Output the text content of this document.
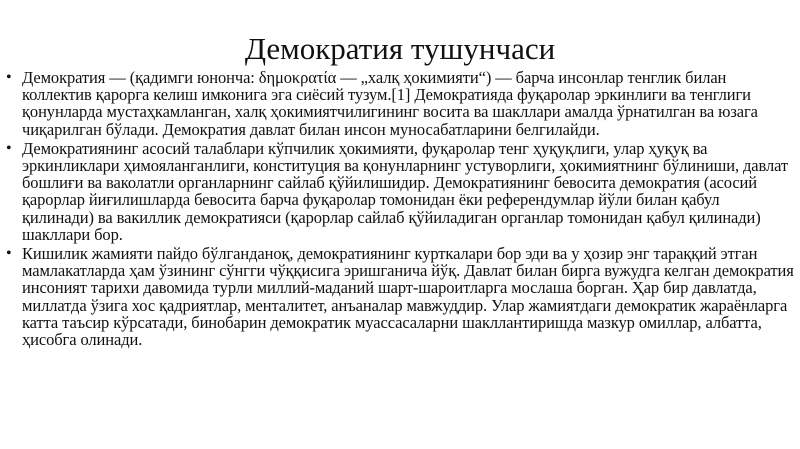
Демократия тушунчаси
• Демократия — (қадимги юнонча: δημοκρατία — „халқ ҳокимияти“) — барча инсонлар тенглик билан коллектив қарорга келиш имконига эга сиёсий тузум.[1] Демократияда фуқаролар эркинлиги ва тенглиги қонунларда мустаҳкамланган, халқ ҳокимиятчилигининг восита ва шакллари амалда ўрнатилган ва юзага чиқарилган бўлади. Демократия давлат билан инсон муносабатларини белгилайди.
• Демократиянинг асосий талаблари кўпчилик ҳокимияти, фуқаролар тенг ҳуқуқлиги, улар ҳуқуқ ва эркинликлари ҳимояланганлиги, конституция ва қонунларнинг устуворлиги, ҳокимиятнинг бўлиниши, давлат бошлиғи ва ваколатли органларнинг сайлаб қўйилишидир. Демократиянинг бевосита демократия (асосий қарорлар йиғилишларда бевосита барча фуқаролар томонидан ёки референдумлар йўли билан қабул қилинади) ва вакиллик демократияси (қарорлар сайлаб қўйиладиган органлар томонидан қабул қилинади) шакллари бор.
• Кишилик жамияти пайдо бўлганданоқ, демократиянинг курткалари бор эди ва у ҳозир энг тараққий этган мамлакатларда ҳам ўзининг сўнгги чўққисига эришганича йўқ. Давлат билан бирга вужудга келган демократия инсоният тарихи давомида турли миллий-маданий шарт-шароитларга мослаша борган. Ҳар бир давлатда, миллатда ўзига хос қадриятлар, менталитет, анъаналар мавжуддир. Улар жамиятдаги демократик жараёнларга катта таъсир кўрсатади, бинобарин демократик муассасаларни шакллантиришда мазкур омиллар, албатта, ҳисобга олинади.
